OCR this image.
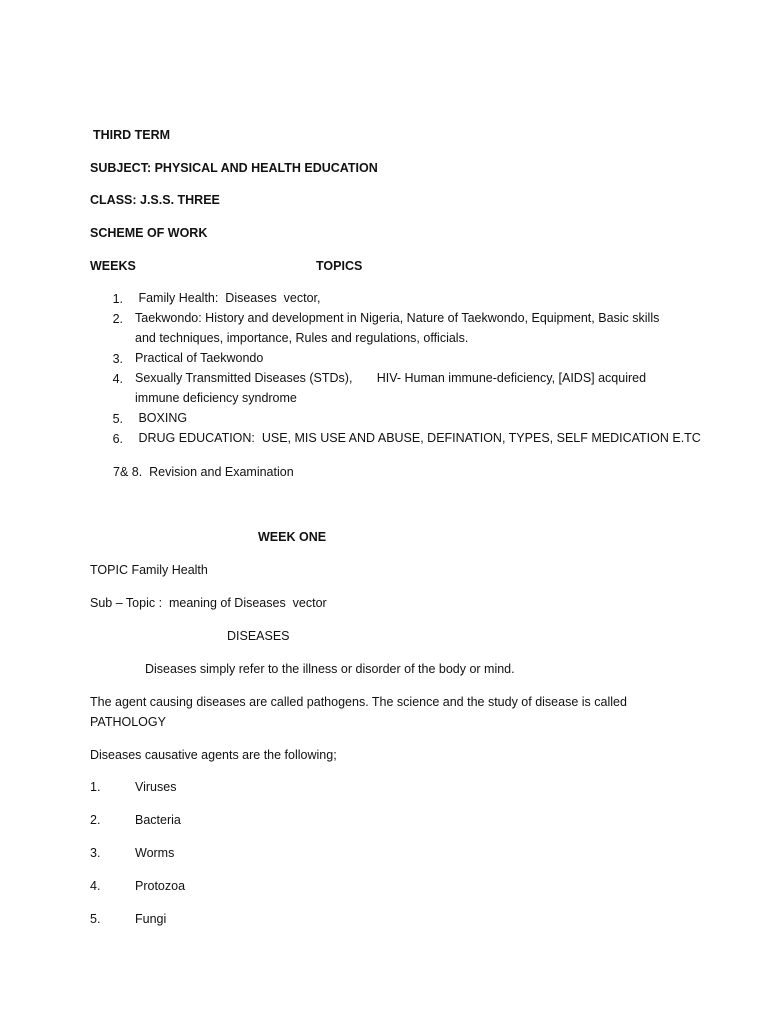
THIRD TERM
SUBJECT: PHYSICAL AND HEALTH EDUCATION
CLASS: J.S.S. THREE
SCHEME OF WORK
WEEKS	TOPICS
1. Family Health:  Diseases  vector,
2. Taekwondo: History and development in Nigeria, Nature of Taekwondo, Equipment, Basic skills and techniques, importance, Rules and regulations, officials.
3. Practical of Taekwondo
4. Sexually Transmitted Diseases (STDs),       HIV- Human immune-deficiency, [AIDS] acquired immune deficiency syndrome
5. BOXING
6. DRUG EDUCATION:  USE, MIS USE AND ABUSE, DEFINATION, TYPES, SELF MEDICATION E.TC
7& 8.  Revision and Examination
WEEK ONE
TOPIC Family Health
Sub – Topic :  meaning of Diseases  vector
DISEASES
Diseases simply refer to the illness or disorder of the body or mind.
The agent causing diseases are called pathogens. The science and the study of disease is called PATHOLOGY
Diseases causative agents are the following;
1.	Viruses
2.	Bacteria
3.	Worms
4.	Protozoa
5.	Fungi
